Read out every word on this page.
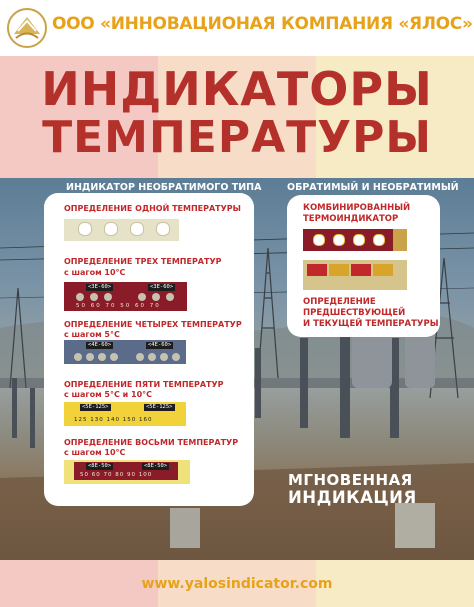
ООО «ИННОВАЦИОНАЯ КОМПАНИЯ «ЯЛОС»
ИНДИКАТОРЫ
ТЕМПЕРАТУРЫ
ИНДИКАТОР НЕОБРАТИМОГО ТИПА	ОБРАТИМЫЙ И НЕОБРАТИМЫЙ
ОПРЕДЕЛЕНИЕ ОДНОЙ ТЕМПЕРАТУРЫ
ОПРЕДЕЛЕНИЕ ТРЕХ ТЕМПЕРАТУР
с шагом 10°C
<3E-60>	<3E-60>
50 60 70 50 60 70
ОПРЕДЕЛЕНИЕ ЧЕТЫРЕХ ТЕМПЕРАТУР
с шагом 5°C
<4E-60>	<4E-60>
ОПРЕДЕЛЕНИЕ ПЯТИ ТЕМПЕРАТУР
с шагом 5°C и 10°C
<5E-125>	<5E-125>
125 130 140 150 160
ОПРЕДЕЛЕНИЕ ВОСЬМИ ТЕМПЕРАТУР
с шагом 10°C
<8E-50>	<8E-50>
50 60 70 80 90 100
КОМБИНИРОВАННЫЙ
ТЕРМОИНДИКАТОР
ОПРЕДЕЛЕНИЕ
ПРЕДШЕСТВУЮЩЕЙ
И ТЕКУЩЕЙ ТЕМПЕРАТУРЫ
МГНОВЕННАЯ
ИНДИКАЦИЯ
www.yalosindicator.com
